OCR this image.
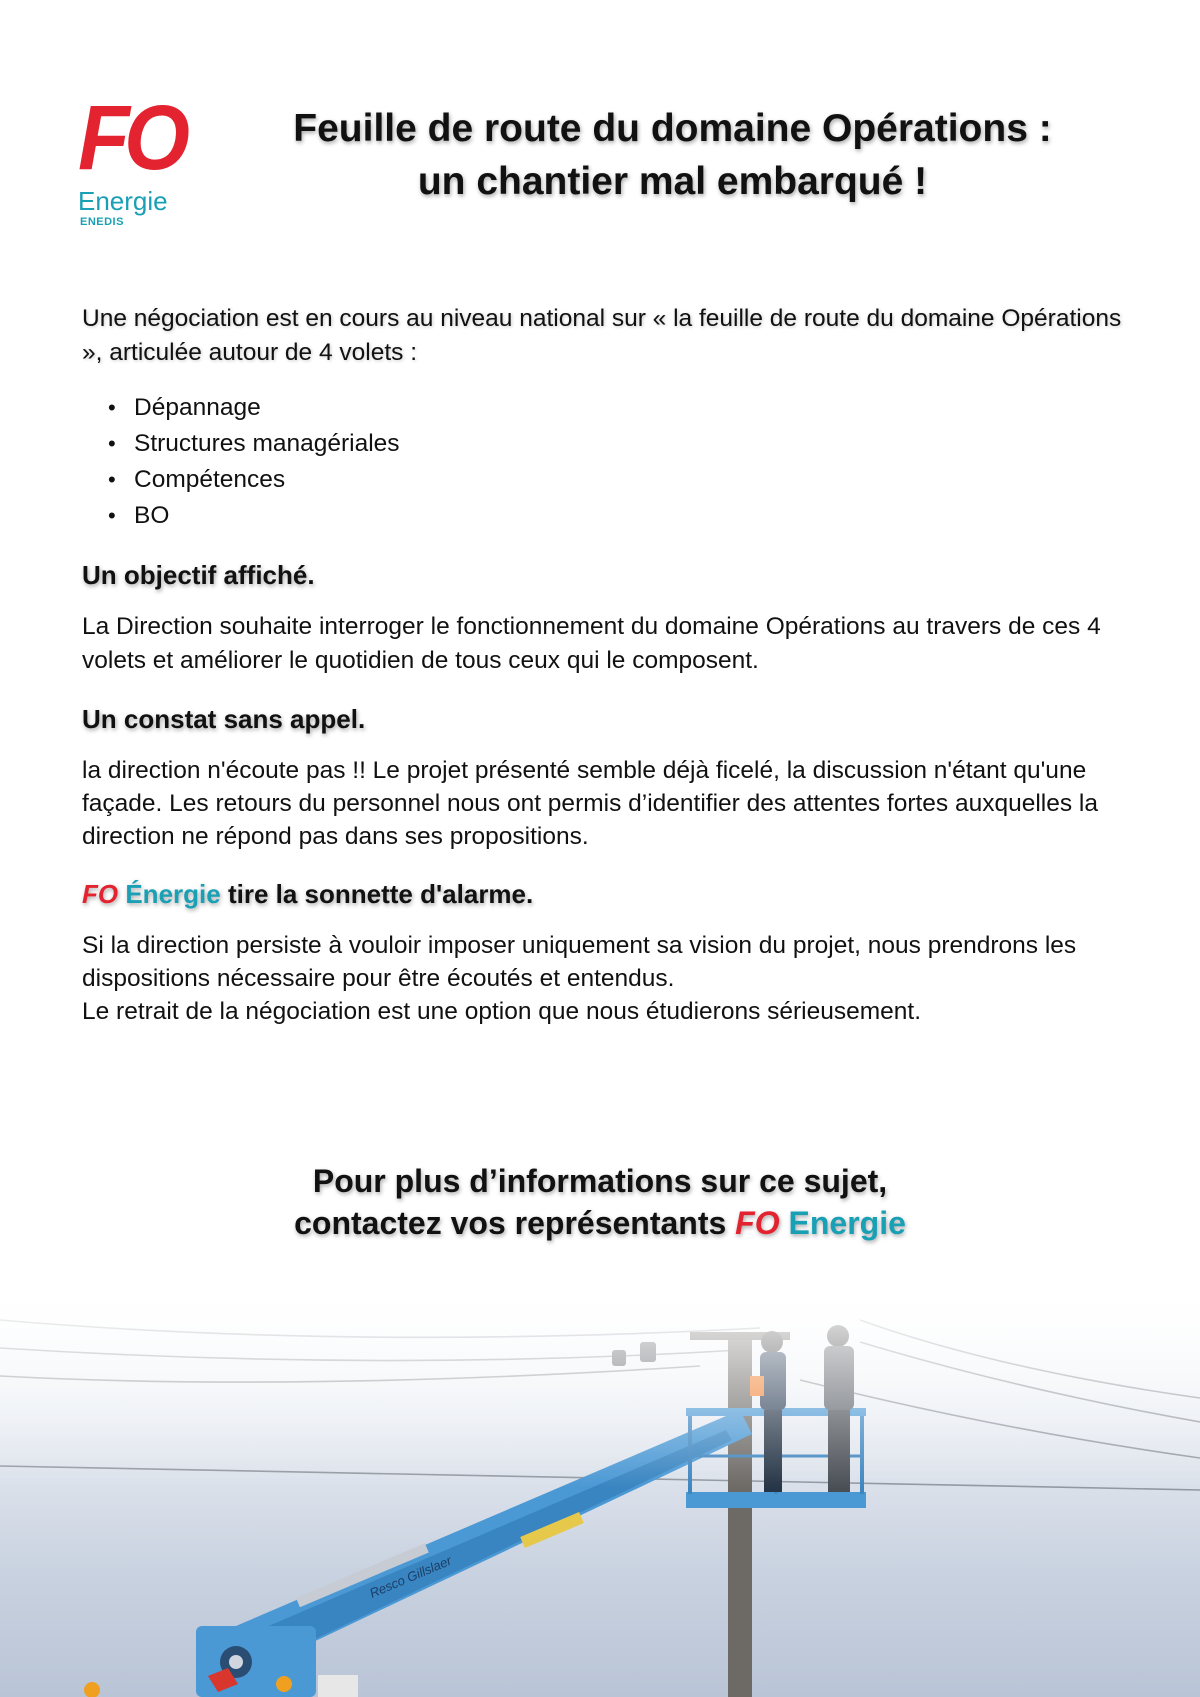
FO
Energie
ENEDIS
Feuille de route du domaine Opérations :
un chantier mal embarqué !

Une négociation est en cours au niveau national sur « la feuille de route du domaine Opérations », articulée autour de 4 volets :

• Dépannage
• Structures managériales
• Compétences
• BO
Un objectif affiché.

La Direction souhaite interroger le fonctionnement du domaine Opérations au travers de ces 4 volets et améliorer le quotidien de tous ceux qui le composent.

Un constat sans appel.

la direction n'écoute pas !! Le projet présenté semble déjà ficelé, la discussion n'étant qu'une façade. Les retours du personnel nous ont permis d’identifier des attentes fortes auxquelles la direction ne répond pas dans ses propositions.

FO Énergie tire la sonnette d'alarme.

Si la direction persiste à vouloir imposer uniquement sa vision du projet, nous prendrons les dispositions nécessaire pour être écoutés et entendus.
Le retrait de la négociation est une option que nous étudierons sérieusement.

Pour plus d’informations sur ce sujet,
contactez vos représentants FO Energie
